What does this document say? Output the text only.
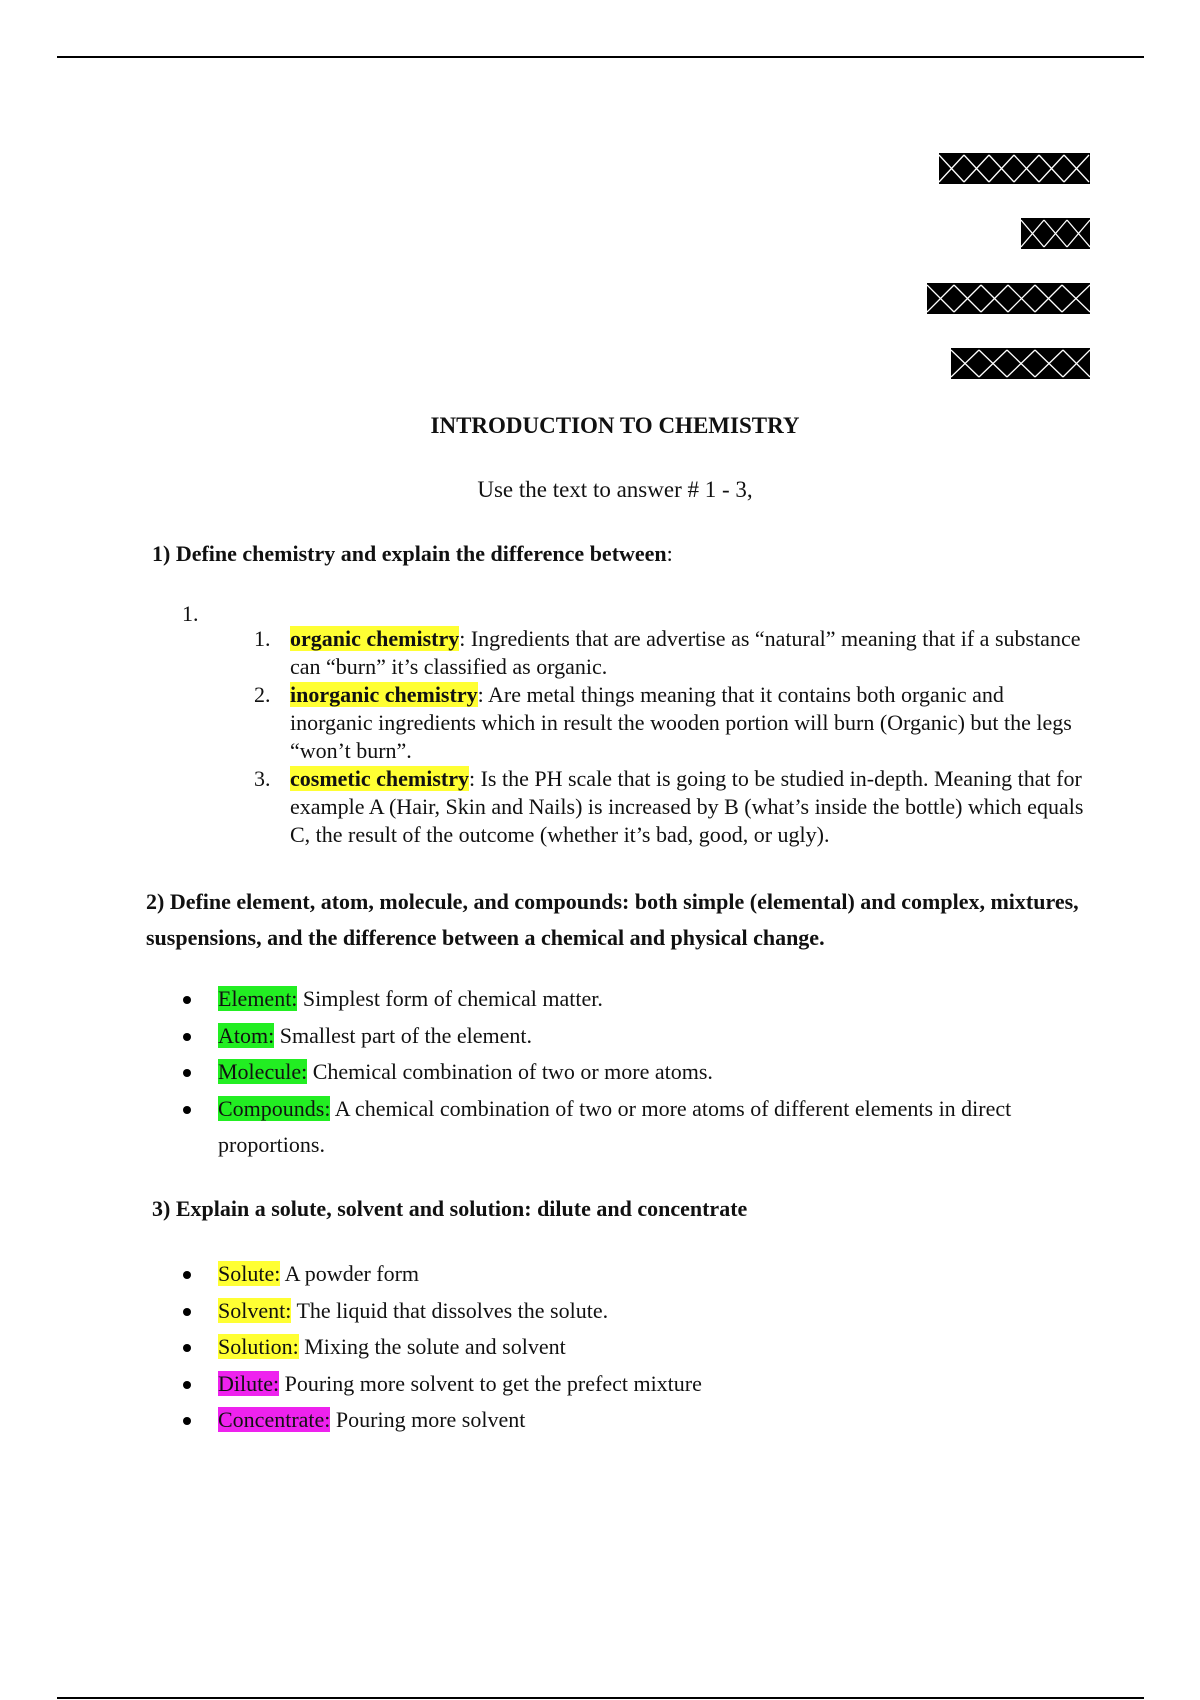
INTRODUCTION TO CHEMISTRY
Use the text to answer # 1 - 3,
1) Define chemistry and explain the difference between:
1.
1. organic chemistry: Ingredients that are advertise as “natural” meaning that if a substance can “burn” it’s classified as organic.
2. inorganic chemistry: Are metal things meaning that it contains both organic and inorganic ingredients which in result the wooden portion will burn (Organic) but the legs “won’t burn”.
3. cosmetic chemistry: Is the PH scale that is going to be studied in-depth. Meaning that for example A (Hair, Skin and Nails) is increased by B (what’s inside the bottle) which equals C, the result of the outcome (whether it’s bad, good, or ugly).
2) Define element, atom, molecule, and compounds: both simple (elemental) and complex, mixtures, suspensions, and the difference between a chemical and physical change.
Element: Simplest form of chemical matter.
Atom: Smallest part of the element.
Molecule: Chemical combination of two or more atoms.
Compounds: A chemical combination of two or more atoms of different elements in direct proportions.
3) Explain a solute, solvent and solution: dilute and concentrate
Solute: A powder form
Solvent: The liquid that dissolves the solute.
Solution: Mixing the solute and solvent
Dilute: Pouring more solvent to get the prefect mixture
Concentrate: Pouring more solvent
